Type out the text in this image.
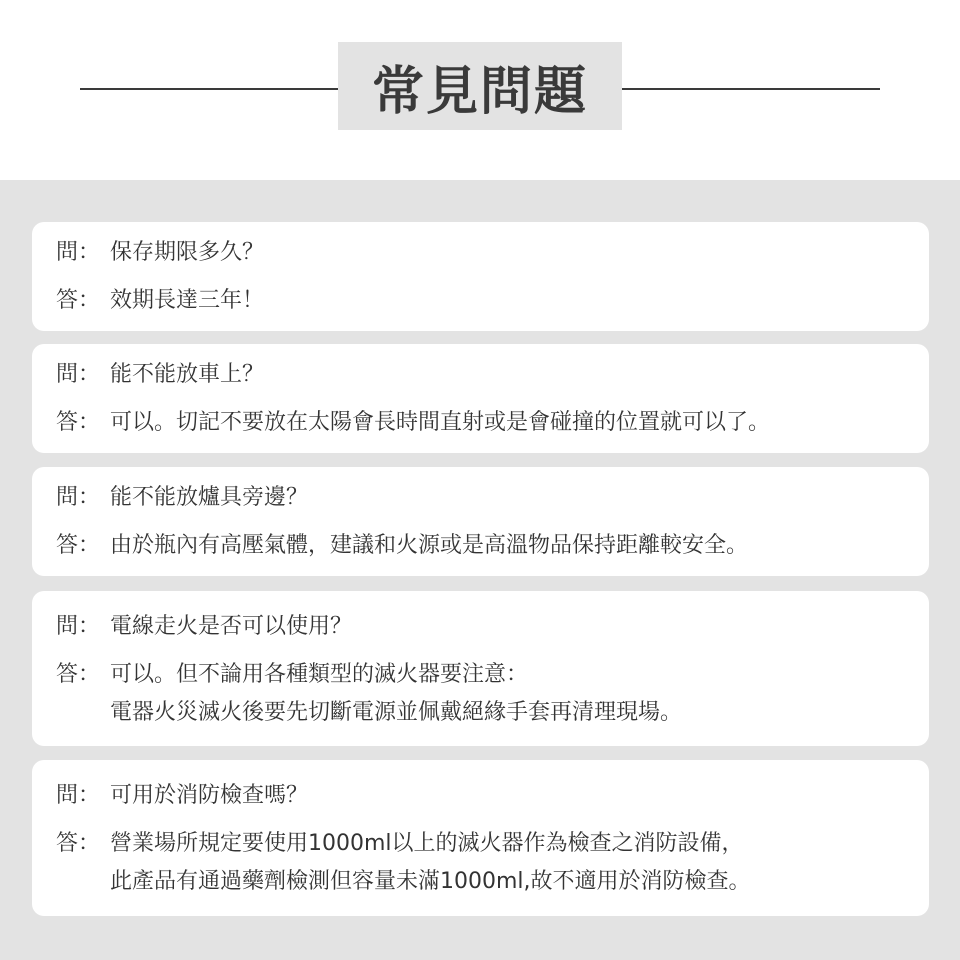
常見問題
問： 保存期限多久？
答： 效期長達三年！
問： 能不能放車上？
答： 可以。切記不要放在太陽會長時間直射或是會碰撞的位置就可以了。
問： 能不能放爐具旁邊？
答： 由於瓶內有高壓氣體，建議和火源或是高溫物品保持距離較安全。
問： 電線走火是否可以使用？
答： 可以。但不論用各種類型的滅火器要注意：
電器火災滅火後要先切斷電源並佩戴絕緣手套再清理現場。
問： 可用於消防檢查嗎？
答： 營業場所規定要使用1000ml以上的滅火器作為檢查之消防設備，
此產品有通過藥劑檢測但容量未滿1000ml,故不適用於消防檢查。
